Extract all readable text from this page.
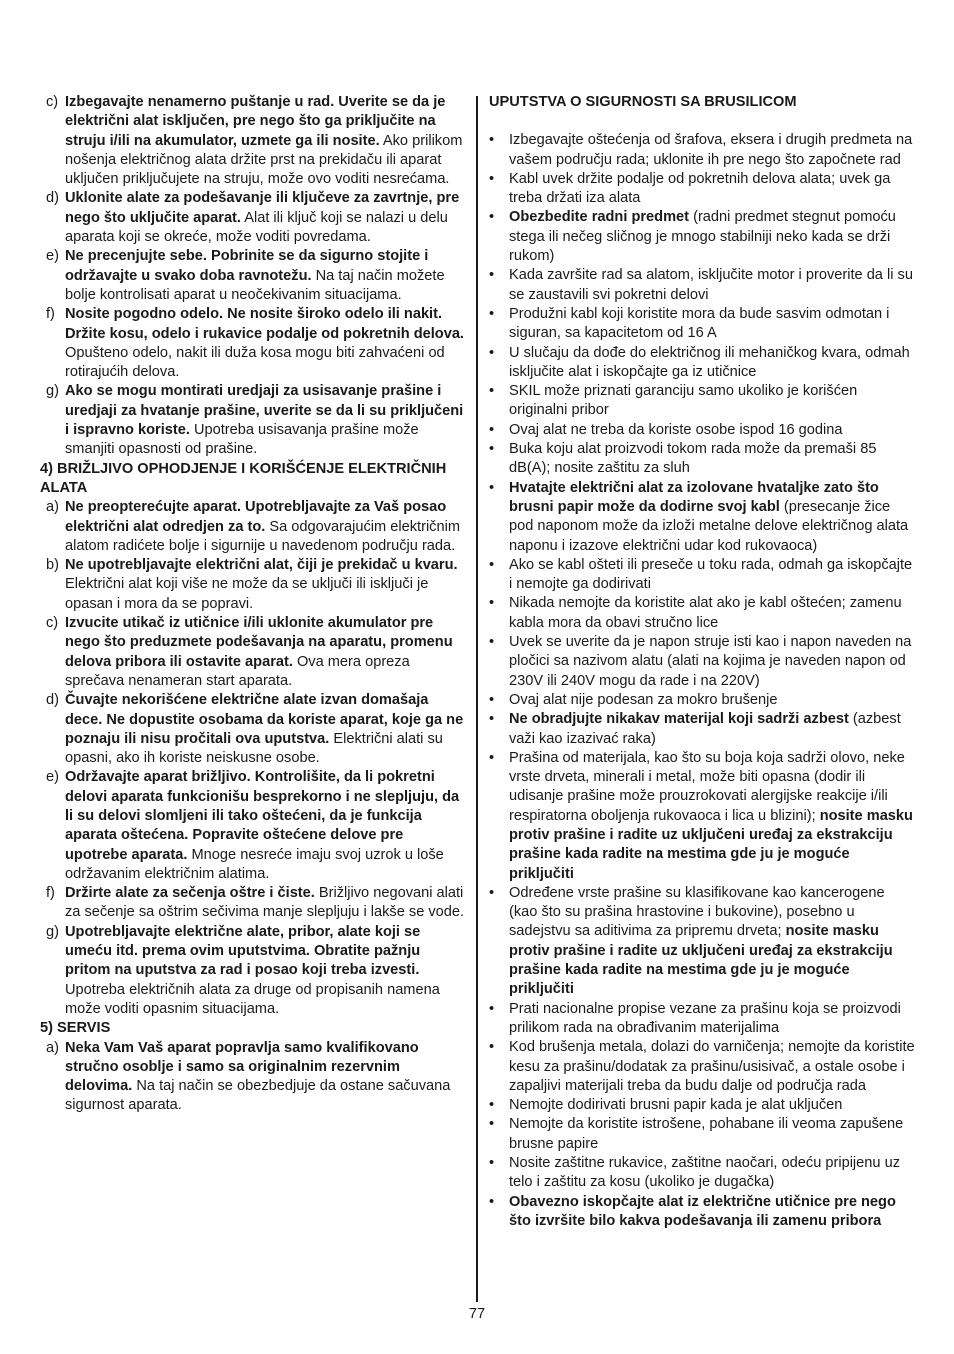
c) Izbegavajte nenamerno puštanje u rad. Uverite se da je električni alat isključen, pre nego što ga priključite na struju i/ili na akumulator, uzmete ga ili nosite. Ako prilikom nošenja električnog alata držite prst na prekidaču ili aparat uključen priključujete na struju, može ovo voditi nesrećama.

d) Uklonite alate za podešavanje ili ključeve za zavrtnje, pre nego što uključite aparat. Alat ili ključ koji se nalazi u delu aparata koji se okreće, može voditi povredama.

e) Ne precenjujte sebe. Pobrinite se da sigurno stojite i održavajte u svako doba ravnotežu. Na taj način možete bolje kontrolisati aparat u neočekivanim situacijama.

f) Nosite pogodno odelo. Ne nosite široko odelo ili nakit. Držite kosu, odelo i rukavice podalje od pokretnih delova. Opušteno odelo, nakit ili duža kosa mogu biti zahvaćeni od rotirajućih delova.

g) Ako se mogu montirati uredjaji za usisavanje prašine i uredjaji za hvatanje prašine, uverite se da li su priključeni i ispravno koriste. Upotreba usisavanja prašine može smanjiti opasnosti od prašine.

4) BRIŽLJIVO OPHODJENJE I KORIŠĆENJE ELEKTRIČNIH ALATA

a) Ne preopterećujte aparat. Upotrebljavajte za Vaš posao električni alat odredjen za to. Sa odgovarajućim električnim alatom radićete bolje i sigurnije u navedenom području rada.

b) Ne upotrebljavajte električni alat, čiji je prekidač u kvaru. Električni alat koji više ne može da se uključi ili isključi je opasan i mora da se popravi.

c) Izvucite utikač iz utičnice i/ili uklonite akumulator pre nego što preduzmete podešavanja na aparatu, promenu delova pribora ili ostavite aparat. Ova mera opreza sprečava nenameran start aparata.

d) Čuvajte nekorišćene električne alate izvan domašaja dece. Ne dopustite osobama da koriste aparat, koje ga ne poznaju ili nisu pročitali ova uputstva. Električni alati su opasni, ako ih koriste neiskusne osobe.

e) Održavajte aparat brižljivo. Kontrolišite, da li pokretni delovi aparata funkcionišu besprekorno i ne slepljuju, da li su delovi slomljeni ili tako oštećeni, da je funkcija aparata oštećena. Popravite oštećene delove pre upotrebe aparata. Mnoge nesreće imaju svoj uzrok u loše održavanim električnim alatima.

f) Držirte alate za sečenja oštre i čiste. Brižljivo negovani alati za sečenje sa oštrim sečivima manje slepljuju i lakše se vode.

g) Upotrebljavajte električne alate, pribor, alate koji se umeću itd. prema ovim uputstvima. Obratite pažnju pritom na uputstva za rad i posao koji treba izvesti. Upotreba električnih alata za druge od propisanih namena može voditi opasnim situacijama.

5) SERVIS

a) Neka Vam Vaš aparat popravlja samo kvalifikovano stručno osoblje i samo sa originalnim rezervnim delovima. Na taj način se obezbedjuje da ostane sačuvana sigurnost aparata.

UPUTSTVA O SIGURNOSTI SA BRUSILICOM

• Izbegavajte oštećenja od šrafova, eksera i drugih predmeta na vašem području rada; uklonite ih pre nego što započnete rad

• Kabl uvek držite podalje od pokretnih delova alata; uvek ga treba držati iza alata

• Obezbedite radni predmet (radni predmet stegnut pomoću stega ili nečeg sličnog je mnogo stabilniji neko kada se drži rukom)

• Kada završite rad sa alatom, isključite motor i proverite da li su se zaustavili svi pokretni delovi

• Produžni kabl koji koristite mora da bude sasvim odmotan i siguran, sa kapacitetom od 16 A

• U slučaju da dođe do električnog ili mehaničkog kvara, odmah isključite alat i iskopčajte ga iz utičnice

• SKIL može priznati garanciju samo ukoliko je korišćen originalni pribor

• Ovaj alat ne treba da koriste osobe ispod 16 godina

• Buka koju alat proizvodi tokom rada može da premaši 85 dB(A); nosite zaštitu za sluh

• Hvatajte električni alat za izolovane hvataljke zato što brusni papir može da dodirne svoj kabl (presecanje žice pod naponom može da izloži metalne delove električnog alata naponu i izazove električni udar kod rukovaoca)

• Ako se kabl ošteti ili preseče u toku rada, odmah ga iskopčajte i nemojte ga dodirivati

• Nikada nemojte da koristite alat ako je kabl oštećen; zamenu kabla mora da obavi stručno lice

• Uvek se uverite da je napon struje isti kao i napon naveden na pločici sa nazivom alatu (alati na kojima je naveden napon od 230V ili 240V mogu da rade i na 220V)

• Ovaj alat nije podesan za mokro brušenje

• Ne obradjujte nikakav materijal koji sadrži azbest (azbest važi kao izazivać raka)

• Prašina od materijala, kao što su boja koja sadrži olovo, neke vrste drveta, minerali i metal, može biti opasna (dodir ili udisanje prašine može prouzrokovati alergijske reakcije i/ili respiratorna oboljenja rukovaoca i lica u blizini); nosite masku protiv prašine i radite uz uključeni uređaj za ekstrakciju prašine kada radite na mestima gde ju je moguće priključiti

• Određene vrste prašine su klasifikovane kao kancerogene (kao što su prašina hrastovine i bukovine), posebno u sadejstvu sa aditivima za pripremu drveta; nosite masku protiv prašine i radite uz uključeni uređaj za ekstrakciju prašine kada radite na mestima gde ju je moguće priključiti

• Prati nacionalne propise vezane za prašinu koja se proizvodi prilikom rada na obrađivanim materijalima

• Kod brušenja metala, dolazi do varničenja; nemojte da koristite kesu za prašinu/dodatak za prašinu/usisivač, a ostale osobe i zapaljivi materijali treba da budu dalje od područja rada

• Nemojte dodirivati brusni papir kada je alat uključen

• Nemojte da koristite istrošene, pohabane ili veoma zapušene brusne papire

• Nosite zaštitne rukavice, zaštitne naočari, odeću pripijenu uz telo i zaštitu za kosu (ukoliko je dugačka)

• Obavezno iskopčajte alat iz električne utičnice pre nego što izvršite bilo kakva podešavanja ili zamenu pribora

77
